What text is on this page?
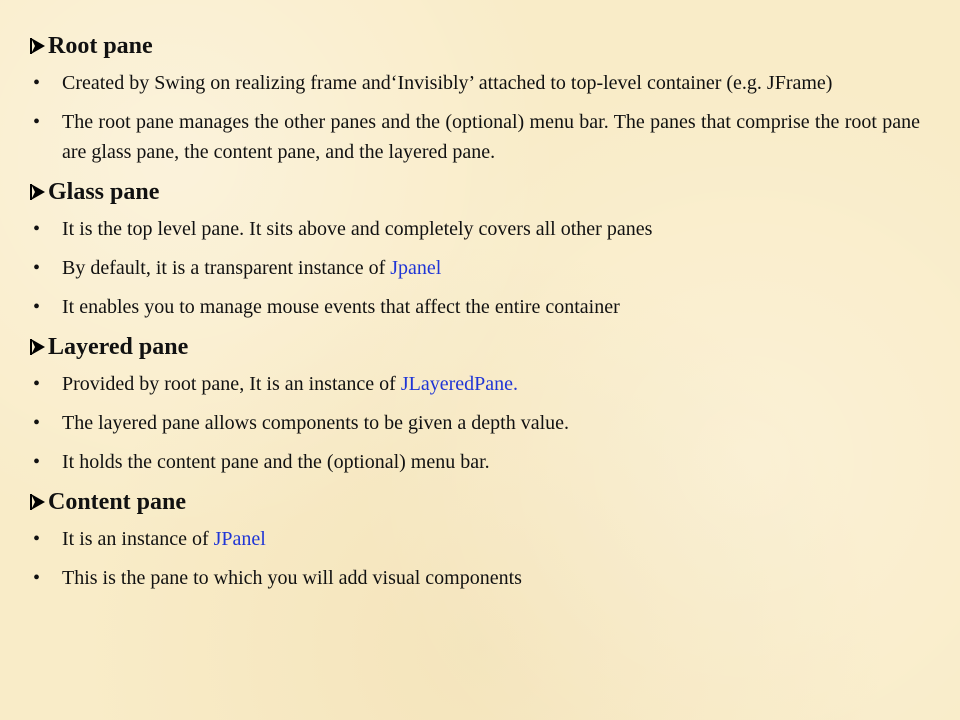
Root pane
• Created by Swing on realizing frame and‘Invisibly’ attached to top-level container (e.g. JFrame)
• The root pane manages the other panes and the (optional) menu bar. The panes that comprise the root pane are glass pane, the content pane, and the layered pane.
Glass pane
• It is the top level pane. It sits above and completely covers all other panes
• By default, it is a transparent instance of Jpanel
• It enables you to manage mouse events that affect the entire container
Layered pane
• Provided by root pane, It is an instance of JLayeredPane.
• The layered pane allows components to be given a depth value.
• It holds the content pane and the (optional) menu bar.
Content pane
• It is an instance of JPanel
• This is the pane to which you will add visual components
